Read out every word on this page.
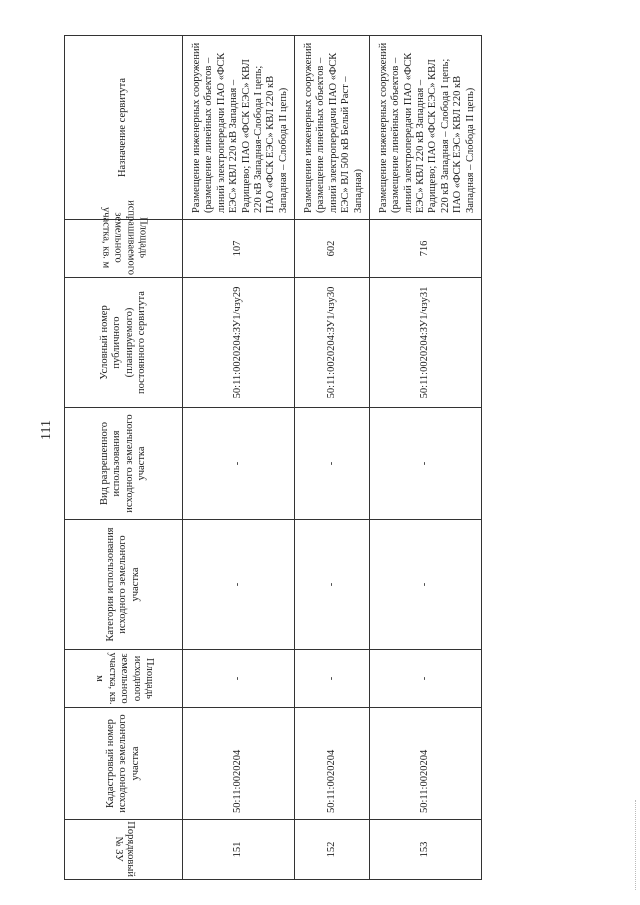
111
Порядковый № ЗУ	Кадастровый номер исходного земельного участка	Площадь исходного земельного участка, кв. м	Категория использования исходного земельного участка	Вид разрешенного использования исходного земельного участка	Условный номер публичного (планируемого) постоянного сервитута	Площадь испрашиваемого земельного участка, кв. м	Назначение сервитута
151	50:11:0020204	-	-	-	50:11:0020204:ЗУ1/чзу29	107	Размещение инженерных сооружений (размещение линейных объектов – линий электропередачи ПАО «ФСК ЕЭС» КВЛ 220 кВ Западная –Радищево; ПАО «ФСК ЕЭС» КВЛ 220 кВ Западная-Слобода I цепь; ПАО «ФСК ЕЭС» КВЛ 220 кВ Западная – Слобода II цепь)
152	50:11:0020204	-	-	-	50:11:0020204:ЗУ1/чзу30	602	Размещение инженерных сооружений (размещение линейных объектов – линий электропередачи ПАО «ФСК ЕЭС» ВЛ 500 кВ Белый Раст – Западная)
153	50:11:0020204	-	-	-	50:11:0020204:ЗУ1/чзу31	716	Размещение инженерных сооружений (размещение линейных объектов – линий электропередачи ПАО «ФСК ЕЭС» КВЛ 220 кВ Западная – Радищево; ПАО «ФСК ЕЭС» КВЛ 220 кВ Западная – Слобода I цепь; ПАО «ФСК ЕЭС» КВЛ 220 кВ Западная – Слобода II цепь)
